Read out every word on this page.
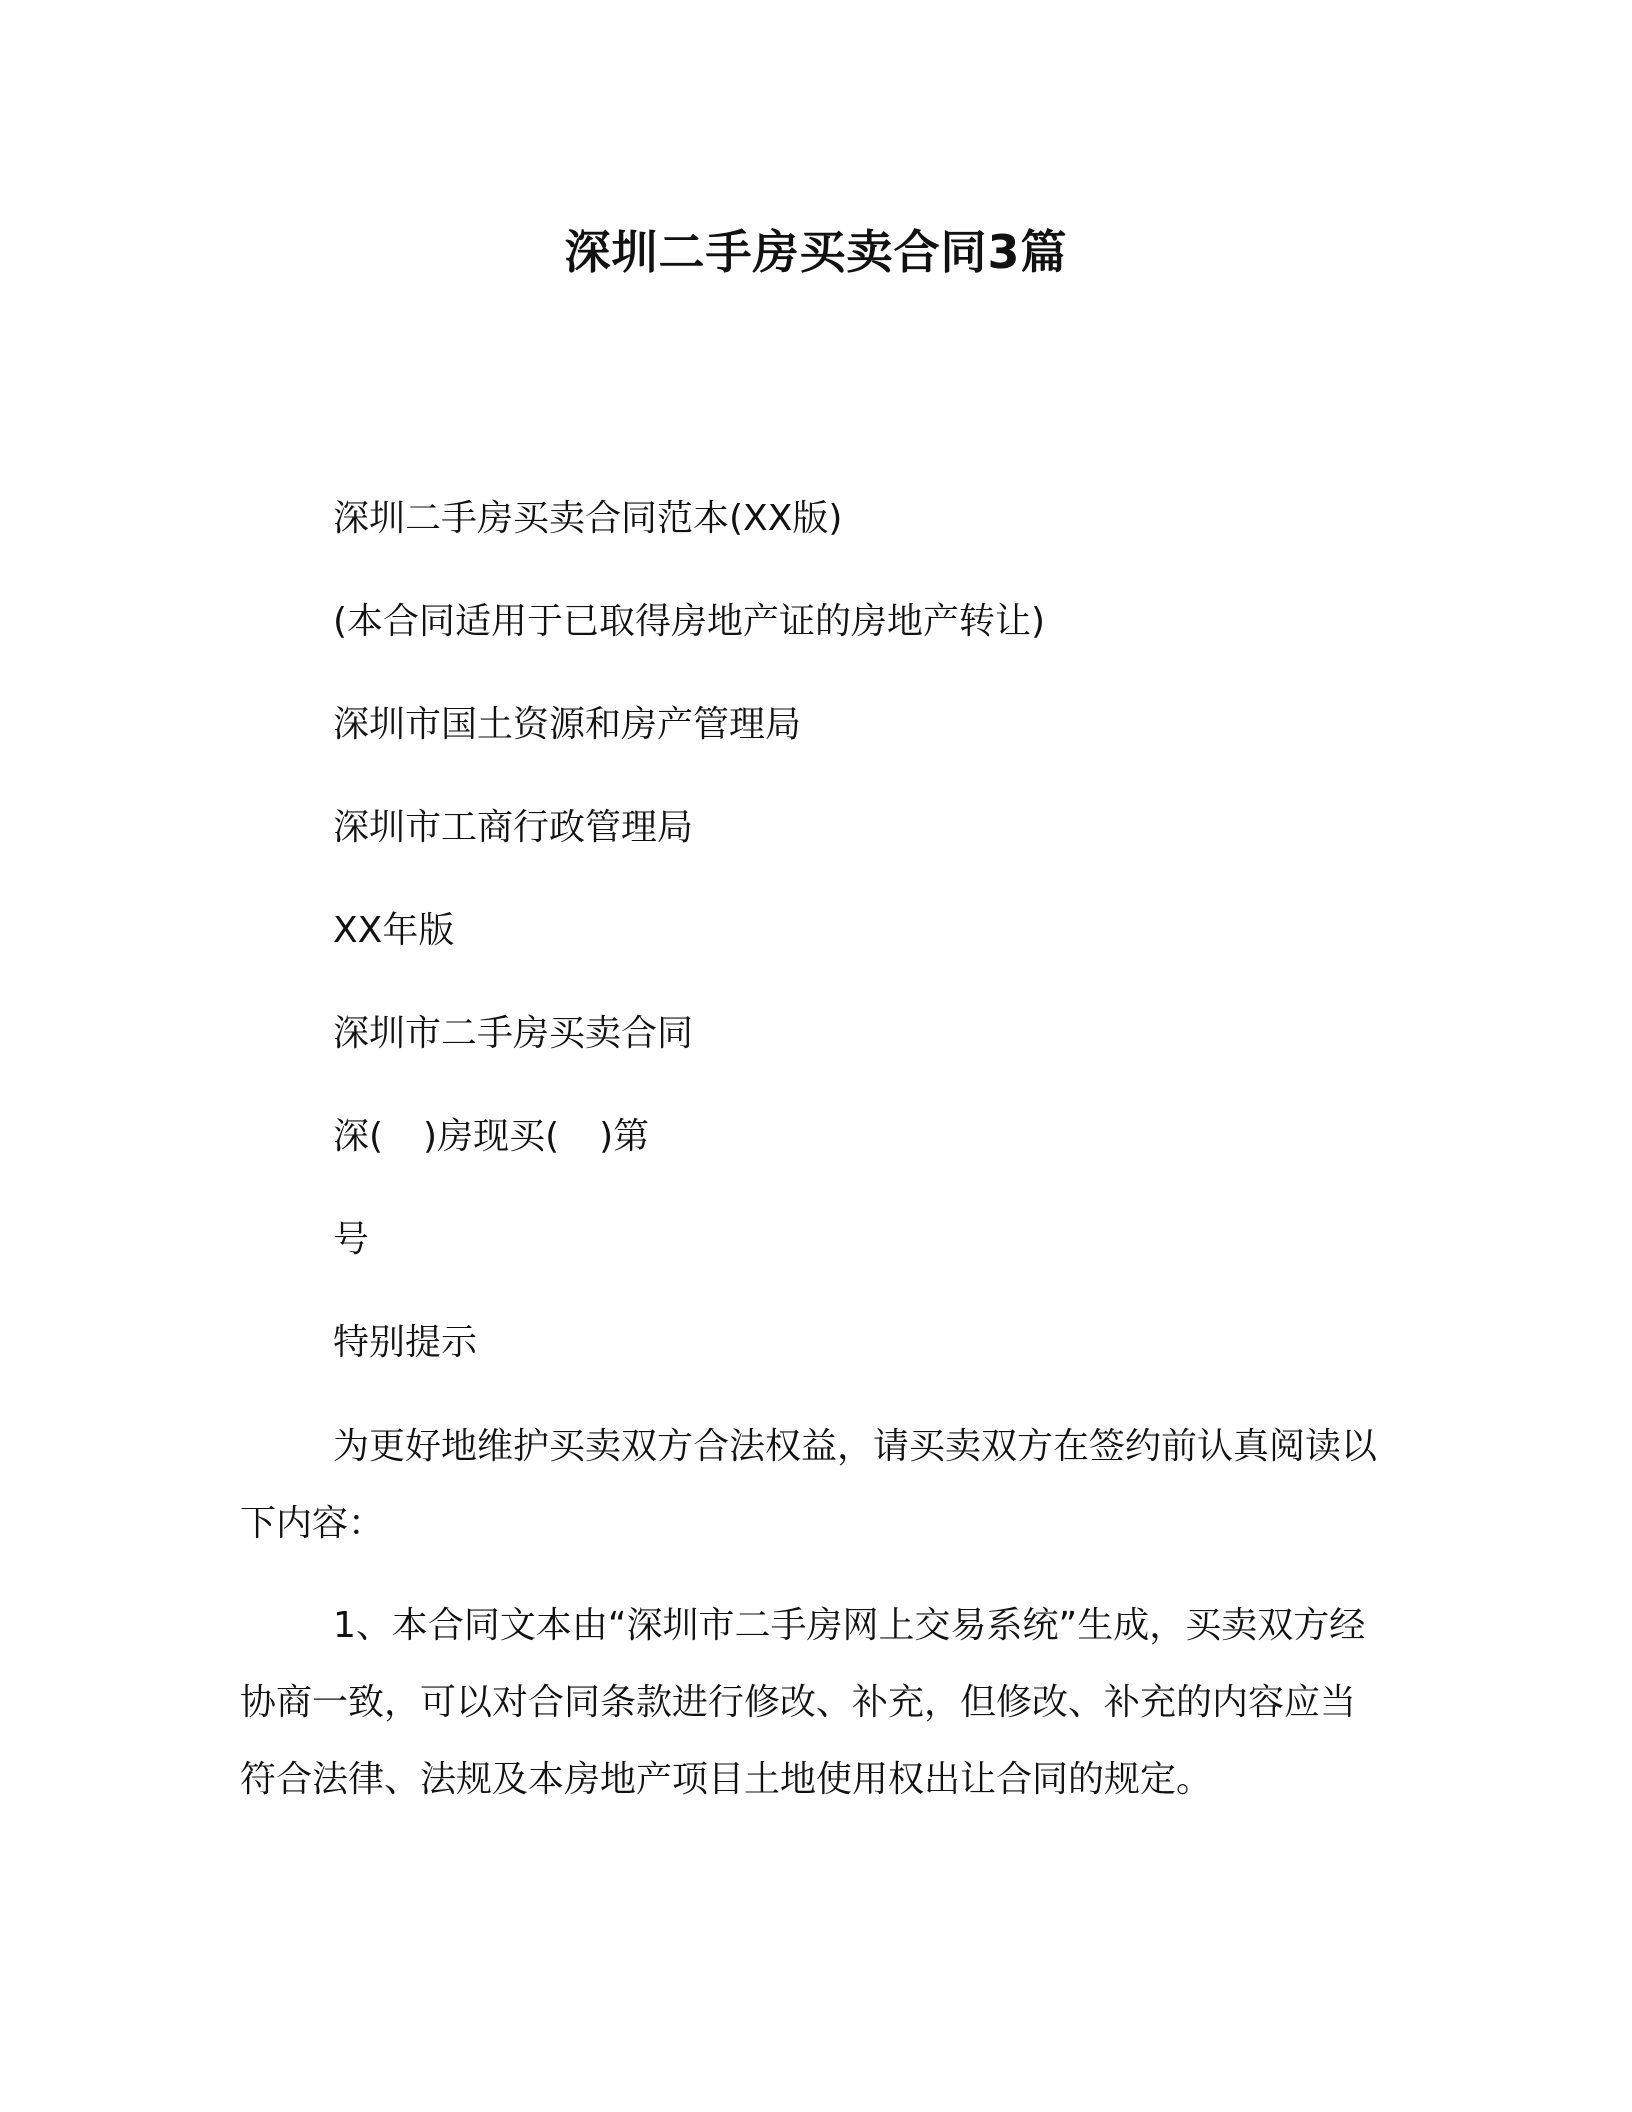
深圳二手房买卖合同3篇
深圳二手房买卖合同范本(XX版)
(本合同适用于已取得房地产证的房地产转让)
深圳市国土资源和房产管理局
深圳市工商行政管理局
XX年版
深圳市二手房买卖合同
深( )房现买( )第
号
特别提示
为更好地维护买卖双方合法权益，请买卖双方在签约前认真阅读以下内容：
1、本合同文本由“深圳市二手房网上交易系统”生成，买卖双方经协商一致，可以对合同条款进行修改、补充，但修改、补充的内容应当符合法律、法规及本房地产项目土地使用权出让合同的规定。
